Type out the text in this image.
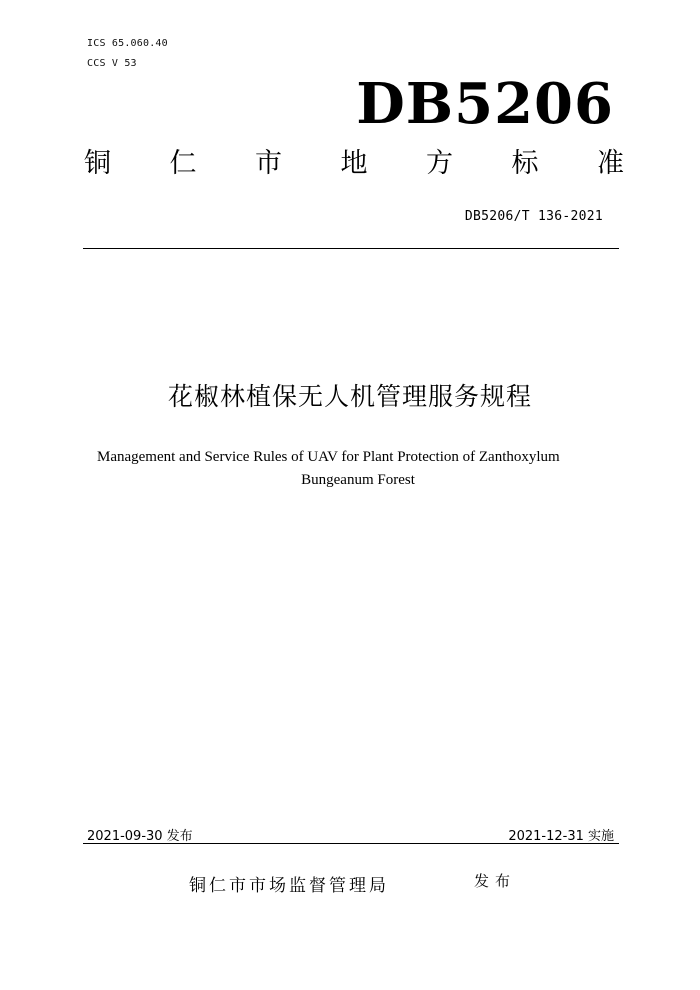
ICS 65.060.40
CCS V 53
DB5206
铜 仁 市 地 方 标 准
DB5206/T 136-2021
花椒林植保无人机管理服务规程
Management and Service Rules of UAV for Plant Protection of Zanthoxylum
Bungeanum Forest
2021-09-30 发布	2021-12-31 实施
铜仁市市场监督管理局	发布
